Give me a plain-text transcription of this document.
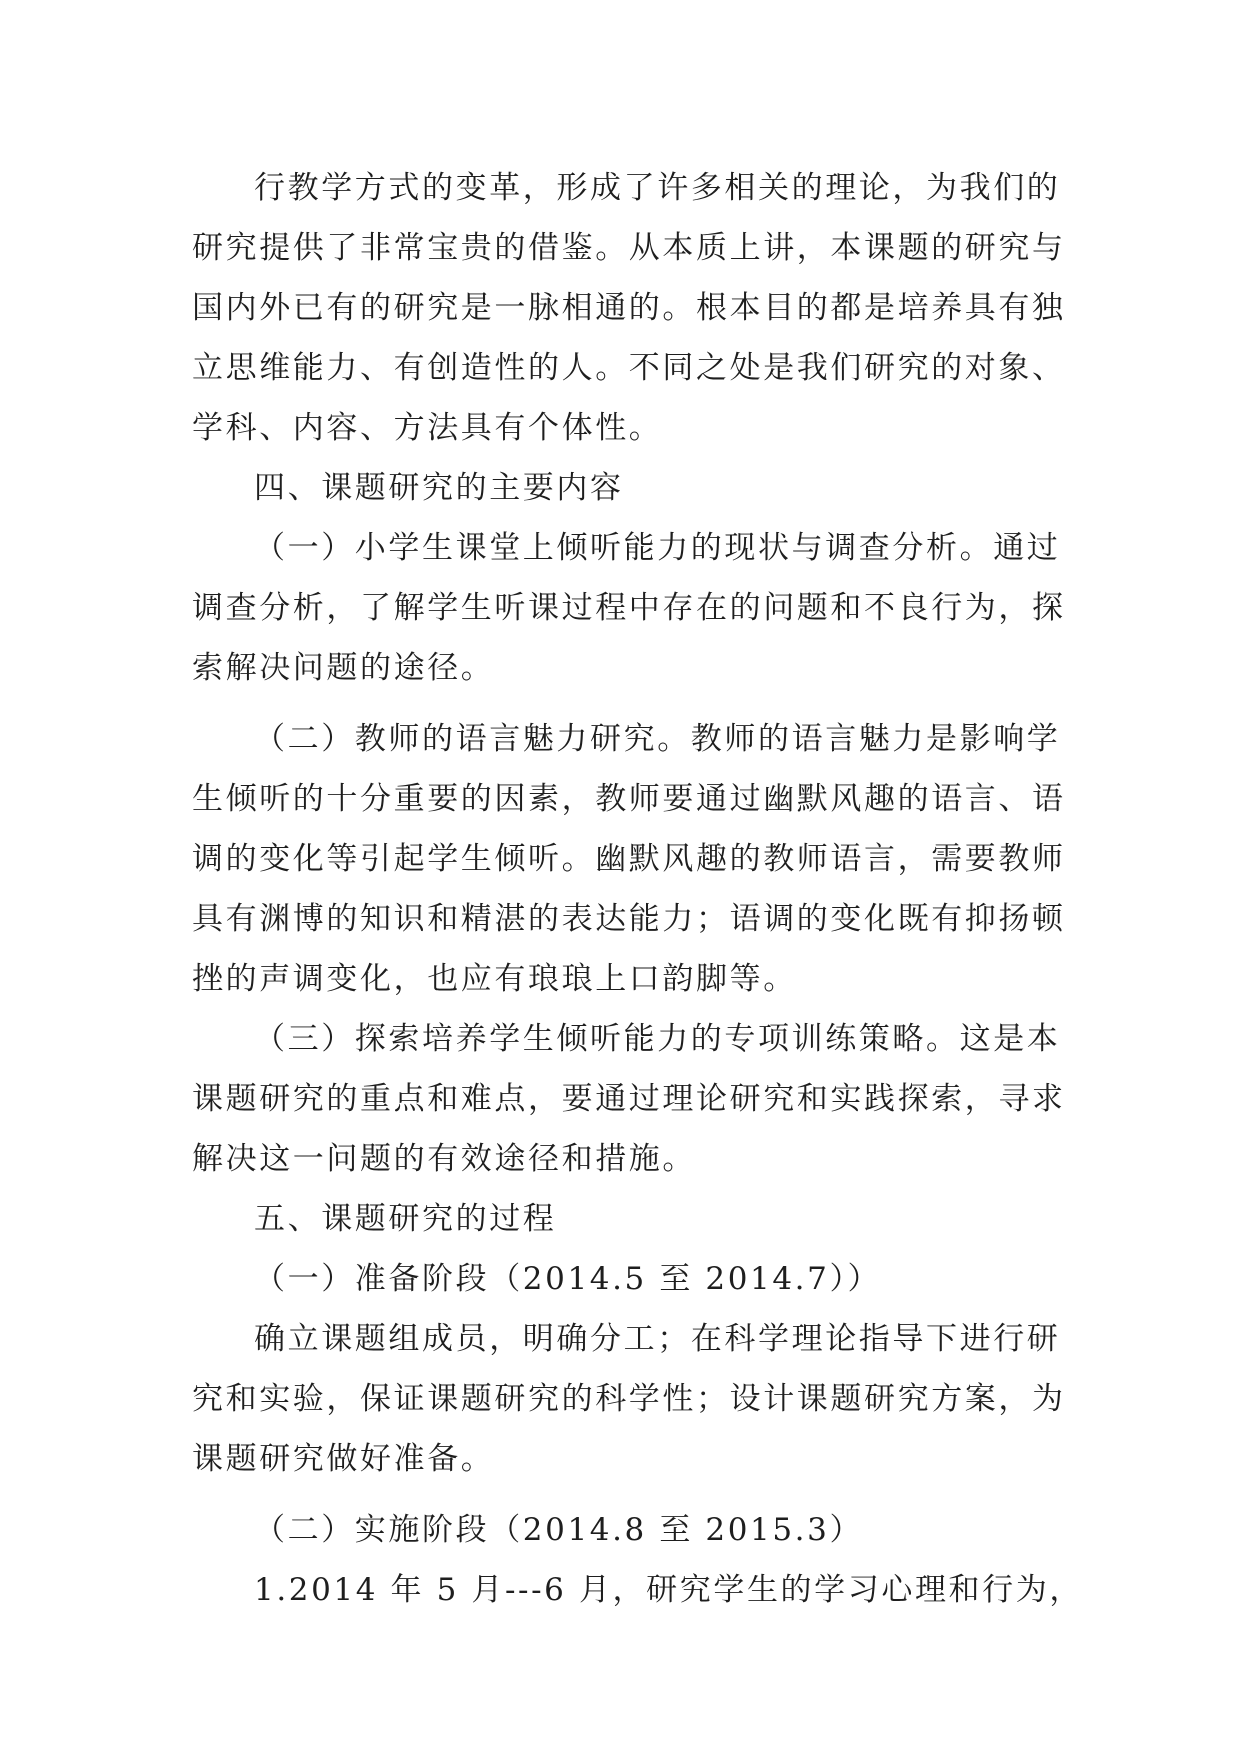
行教学方式的变革，形成了许多相关的理论，为我们的
研究提供了非常宝贵的借鉴。从本质上讲，本课题的研究与
国内外已有的研究是一脉相通的。根本目的都是培养具有独
立思维能力、有创造性的人。不同之处是我们研究的对象、
学科、内容、方法具有个体性。
四、课题研究的主要内容
（一）小学生课堂上倾听能力的现状与调查分析。通过
调查分析，了解学生听课过程中存在的问题和不良行为，探
索解决问题的途径。
（二）教师的语言魅力研究。教师的语言魅力是影响学
生倾听的十分重要的因素，教师要通过幽默风趣的语言、语
调的变化等引起学生倾听。幽默风趣的教师语言，需要教师
具有渊博的知识和精湛的表达能力；语调的变化既有抑扬顿
挫的声调变化，也应有琅琅上口韵脚等。
（三）探索培养学生倾听能力的专项训练策略。这是本
课题研究的重点和难点，要通过理论研究和实践探索，寻求
解决这一问题的有效途径和措施。
五、课题研究的过程
（一）准备阶段（2014.5 至 2014.7））
确立课题组成员，明确分工；在科学理论指导下进行研
究和实验，保证课题研究的科学性；设计课题研究方案，为
课题研究做好准备。
（二）实施阶段（2014.8 至 2015.3）
1.2014 年 5 月---6 月，研究学生的学习心理和行为，
